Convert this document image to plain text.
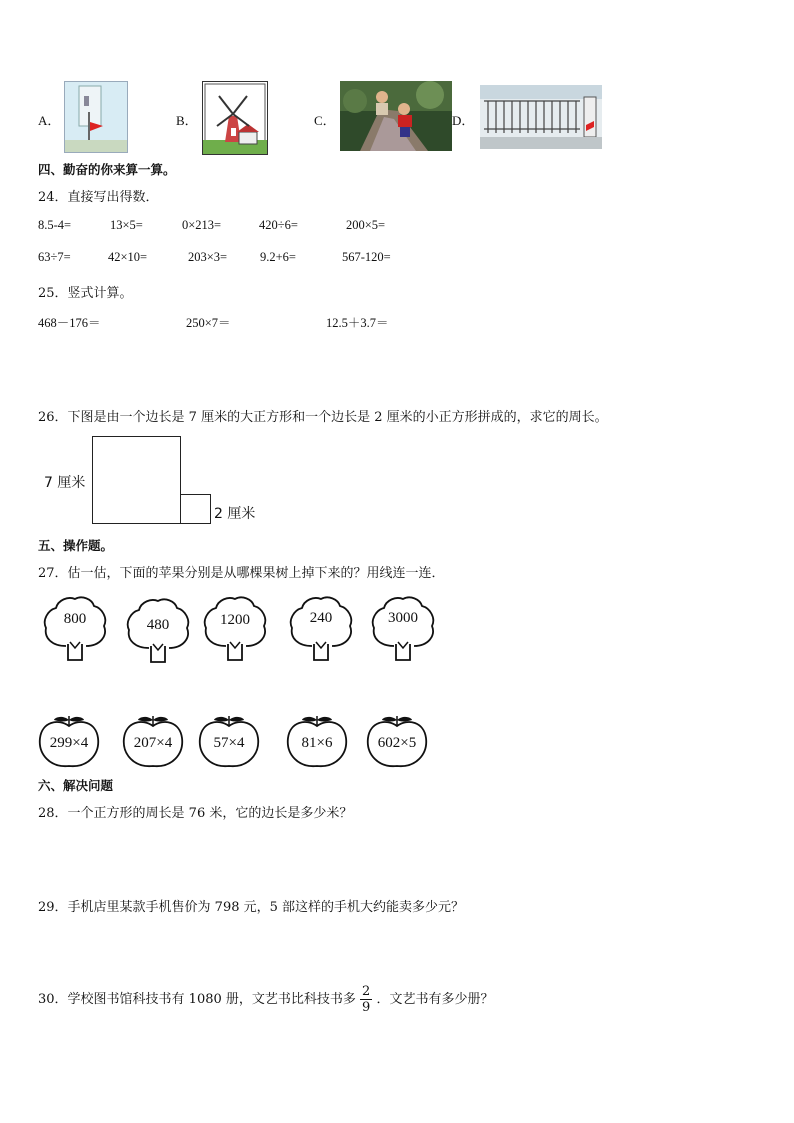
A．	B．	C．	D．
四、勤奋的你来算一算。
24．直接写出得数．
8.5-4=	13×5=	0×213=	420÷6=	200×5=
63÷7=	42×10=	203×3=	9.2+6=	567-120=
25．竖式计算。
468－176＝	250×7＝	12.5＋3.7＝
26．下图是由一个边长是 7 厘米的大正方形和一个边长是 2 厘米的小正方形拼成的，求它的周长。
7 厘米
2 厘米
五、操作题。
27．估一估，下面的苹果分别是从哪棵果树上掉下来的？用线连一连．
800	480	1200	240	3000
299×4	207×4	57×4	81×6	602×5
六、解决问题
28．一个正方形的周长是 76 米，它的边长是多少米？
29．手机店里某款手机售价为 798 元，5 部这样的手机大约能卖多少元？
30．学校图书馆科技书有 1080 册，文艺书比科技书多 $\frac{2}{9}$ ．文艺书有多少册？
